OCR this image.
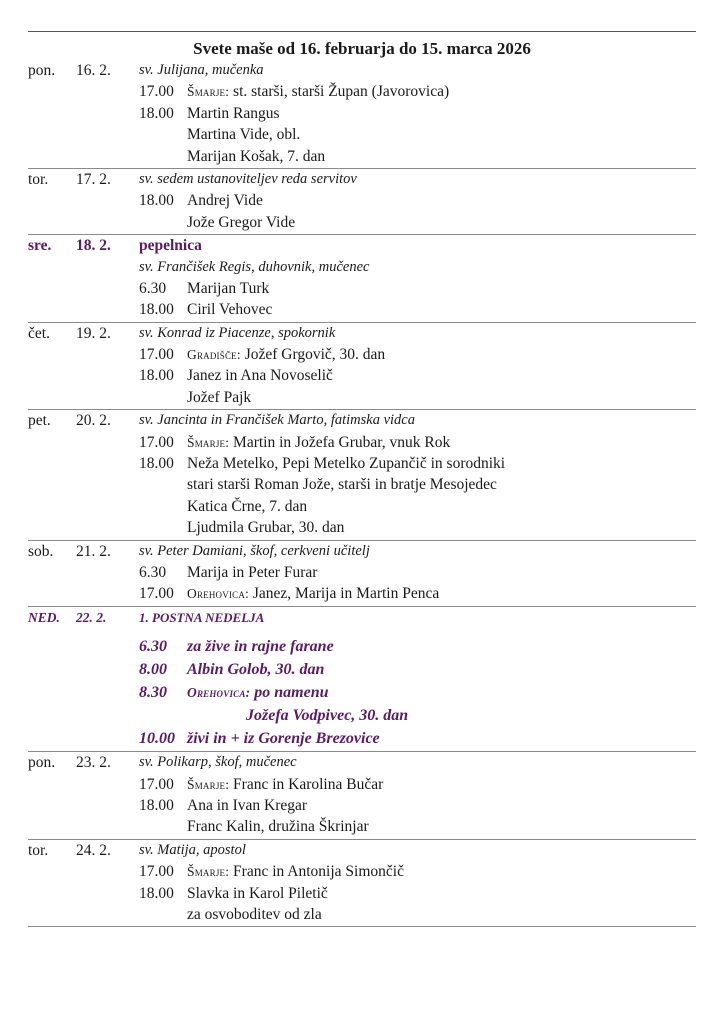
Svete maše od 16. februarja do 15. marca 2026
pon. 16. 2. sv. Julijana, mučenka
17.00 Šmarje: st. starši, starši Župan (Javorovica)
18.00 Martin Rangus
Martina Vide, obl.
Marijan Košak, 7. dan
tor. 17. 2. sv. sedem ustanoviteljev reda servitov
18.00 Andrej Vide
Jože Gregor Vide
sre. 18. 2. pepelnica
sv. Frančišek Regis, duhovnik, mučenec
6.30 Marijan Turk
18.00 Ciril Vehovec
čet. 19. 2. sv. Konrad iz Piacenze, spokornik
17.00 Gradišče: Jožef Grgovič, 30. dan
18.00 Janez in Ana Novoselič
Jožef Pajk
pet. 20. 2. sv. Jancinta in Frančišek Marto, fatimska vidca
17.00 Šmarje: Martin in Jožefa Grubar, vnuk Rok
18.00 Neža Metelko, Pepi Metelko Zupančič in sorodniki
stari starši Roman Jože, starši in bratje Mesojedec
Katica Črne, 7. dan
Ljudmila Grubar, 30. dan
sob. 21. 2. sv. Peter Damiani, škof, cerkveni učitelj
6.30 Marija in Peter Furar
17.00 Orehovica: Janez, Marija in Martin Penca
NED. 22. 2.	1. POSTNA NEDELJA
6.30 za žive in rajne farane
8.00 Albin Golob, 30. dan
8.30 Orehovica: po namenu
Jožefa Vodpivec, 30. dan
10.00 živi in + iz Gorenje Brezovice
pon. 23. 2. sv. Polikarp, škof, mučenec
17.00 Šmarje: Franc in Karolina Bučar
18.00 Ana in Ivan Kregar
Franc Kalin, družina Škrinjar
tor. 24. 2. sv. Matija, apostol
17.00 Šmarje: Franc in Antonija Simončič
18.00 Slavka in Karol Piletič
za osvoboditev od zla
